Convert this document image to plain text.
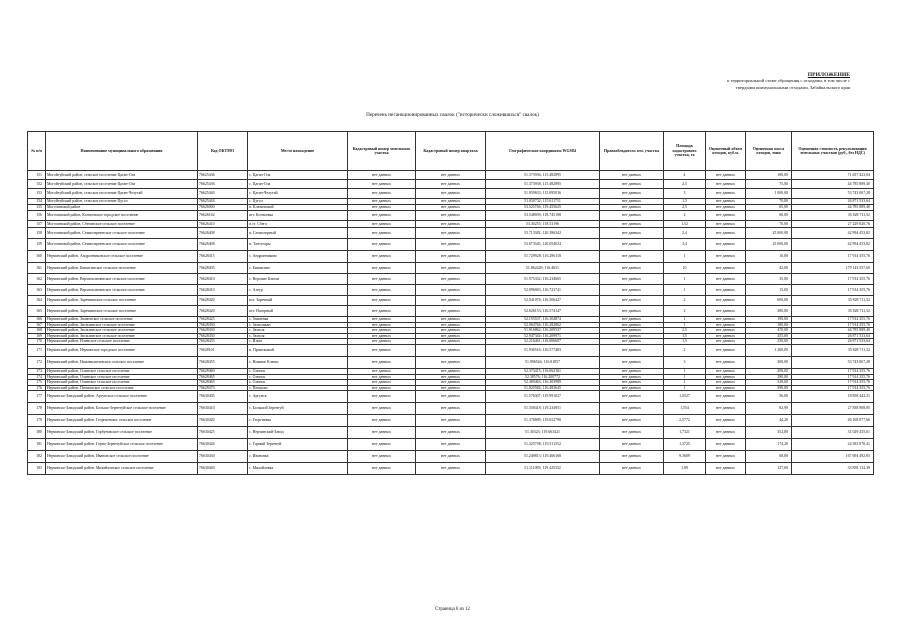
ПРИЛОЖЕНИЕ
к территориальной схеме обращения с отходами, в том числе с
твердыми коммунальными отходами, Забайкальского края
Перечень несанкционированных свалок ("исторически сложившихся" свалок)
№ п/п	Наименование муниципального образования	Код ОКТМО	Место нахождение	Кадастровый номер земельного участка	Кадастровый номер квартала	Географические координаты WGS84	Правообладатель зем. участка	Площадь кадастрового участка, га	Оценочный объем отходов, куб.м.	Оценочная масса отходов, тонн	Оценочная стоимость рекультивации земельных участков (руб., без НДС)
151	Могойтуйский район, сельское поселение Цаган-Ола	76625436	с. Цаган-Ола	нет данных	нет данных	51.373936; 115.482895	нет данных	4	нет данных	180,00	71 657 423,04
152	Могойтуйский район, сельское поселение Цаган-Ола	76625436	с. Цаган-Ола	нет данных	нет данных	51.373938; 115.482895	нет данных	2,5	нет данных	75,00	44 785 889,40
153	Могойтуйский район, сельское поселение Цаган-Челутай	76625440	с. Цаган-Челутай	нет данных	нет данных	51.059633; 115.095016	нет данных	3	нет данных	1 000,00	53 743 067,28
154	Могойтуйский район, сельское поселение Цугол	76625444	с. Цугол	нет данных	нет данных	51.050732; 115.611711	нет данных	1,5	нет данных	70,00	26 871 533,64
155	Могочинский район	76626000	п. Ключевский	нет данных	нет данных	53.525746; 119.455625	нет данных	2,5	нет данных	65,00	44 785 889,40
156	Могочинский район, Ксеньевское городское поселение	76626162	пгт. Ксеньевка	нет данных	нет данных	53.548039; 118.745198	нет данных	2	нет данных	60,00	35 828 711,52
157	Могочинский район, Сбегинское сельское поселение	76626410	п.ст. Сбега	нет данных	нет данных	53.30255; 118.53196	нет данных	1,52	нет данных	70,00	27 229 820,76
158	Могочинский район, Семиозерненское сельское поселение	76626408	п. Семиозерный	нет данных	нет данных	53.713382; 120.396342	нет данных	2,4	нет данных	25 000,00	42 994 453,82
159	Могочинский район, Семиозерненское сельское поселение	76626408	п. Таптугары	нет данных	нет данных	53.673345; 120.054024	нет данных	2,4	нет данных	25 000,00	42 994 453,82
160	Нерчинский район, Андронниковское сельское поселение	76628415	с. Андронниково	нет данных	нет данных	51.729928; 116.296118	нет данных	1	нет данных	10,00	17 914 355,76
161	Нерчинский район, Бишигинское сельское поселение	76628405	с. Бишигино	нет данных	нет данных	51.862429; 116.4651	нет данных	10	нет данных	42,00	179 143 557,60
162	Нерчинский район, Верхнеключевское сельское поселение	76628410	с. Верхние Ключи	нет данных	нет данных	51.975332; 116.234665	нет данных	1	нет данных	35,00	17 914 355,76
163	Нерчинский район, Верхнеключевское сельское поселение	76628410	с. Алеур	нет данных	нет данных	52.096943; 116.723741	нет данных	1	нет данных	15,00	17 914 355,76
164	Нерчинский район, Заречнинское сельское поселение	76628420	пст. Заречный	нет данных	нет данных	52.041076; 116.506427	нет данных	2	нет данных	600,00	35 828 711,52
165	Нерчинский район, Заречнинское сельское поселение	76628420	пст. Нагорный	нет данных	нет данных	52.026153; 116.574147	нет данных	2	нет данных	380,00	35 828 711,52
166	Нерчинский район, Знаменское сельское поселение	76628425	с. Знаменка	нет данных	нет данных	52.193537; 116.304874	нет данных	1	нет данных	190,00	17 914 355,76
167	Нерчинский район, Зюльзинское сельское поселение	76628430	с. Зюльзикан	нет данных	нет данных	52.064766; 116.282862	нет данных	1	нет данных	180,00	17 914 355,76
168	Нерчинский район, Зюльзинское сельское поселение	76628430	с. Зюльзя	нет данных	нет данных	51.916862; 116.209537	нет данных	2,5	нет данных	470,00	44 785 889,40
169	Нерчинский район, Зюльзинское сельское поселение	76628430	с. Зюльзя	нет данных	нет данных	52.947344; 116.209971	нет данных	1,5	нет данных	455,00	26 871 533,64
170	Нерчинский район, Илимское сельское поселение	76628435	с. Илим	нет данных	нет данных	52.216461; 116.066607	нет данных	1,5	нет данных	250,00	26 871 533,64
171	Нерчинский район, Нерчинское городское поселение	76628101	п. Приисковый	нет данных	нет данных	51.930516; 116.577483	нет данных	2	нет данных	1 200,00	35 828 711,52
172	Нерчинский район, Нижнеключевское сельское поселение	76628455	с. Нижние Ключи	нет данных	нет данных	51.996544; 116.81857	нет данных	3	нет данных	300,00	53 743 067,28
173	Нерчинский район, Олинское сельское поселение	76628460	с. Олинск	нет данных	нет данных	52.373415; 116.062161	нет данных	1	нет данных	200,00	17 914 355,76
174	Нерчинский район, Олинское сельское поселение	76628465	с. Олинск	нет данных	нет данных	52.38576; 116.200772	нет данных	1	нет данных	290,00	17 914 355,76
175	Нерчинский район, Олинское сельское поселение	76628465	с. Олинск	нет данных	нет данных	52.400463; 116.303989	нет данных	1	нет данных	320,00	17 914 355,76
176	Нерчинский район, Пешковское сельское поселение	76628470	с. Пешково	нет данных	нет данных	51.820584; 116.483645	нет данных	1	нет данных	390,00	17 914 355,76
177	Нерчинско-Заводский район, Аргунское сельское поселение	76630405	с. Аргунск	нет данных	нет данных	51.576307; 119.991027	нет данных	1,0527	нет данных	56,00	18 858 442,31
178	Нерчинско-Заводский район, Большо-Зерентуйское сельское поселение	76630410	с. Большой Зерентуй	нет данных	нет данных	51.358418; 119.234951	нет данных	1,554	нет данных	82,90	27 838 908,85
179	Нерчинско-Заводский район, Георгиевское сельское поселение	76630420	с. Георгиевка	нет данных	нет данных	51.376689; 119.652798	нет данных	2,5772	нет данных	44,20	46 168 877,66
180	Нерчинско-Заводский район, Горбуновское сельское поселение	76630425	с. Нерчинский-Завод	нет данных	нет данных	51.30323; 119.663421	нет данных	1,7321	нет данных	352,80	31 029 455,61
181	Нерчинско-Заводский район, Горно-Зерентуйское сельское поселение	76630426	с. Горный Зерентуй	нет данных	нет данных	51.325708; 119.511352	нет данных	1,3725	нет данных	174,20	24 583 870,41
182	Нерчинско-Заводский район, Ивановское сельское поселение	76630430	с. Ивановка	нет данных	нет данных	51.249813; 119.466168	нет данных	9,3609	нет данных	68,00	167 694 492,83
183	Нерчинско-Заводский район, Михайловское сельское поселение	76630440	с. Михайловка	нет данных	нет данных	51.111095; 119.425332	нет данных	1,89	нет данных	127,60	33 858 132,39
Страница 6 из 12
